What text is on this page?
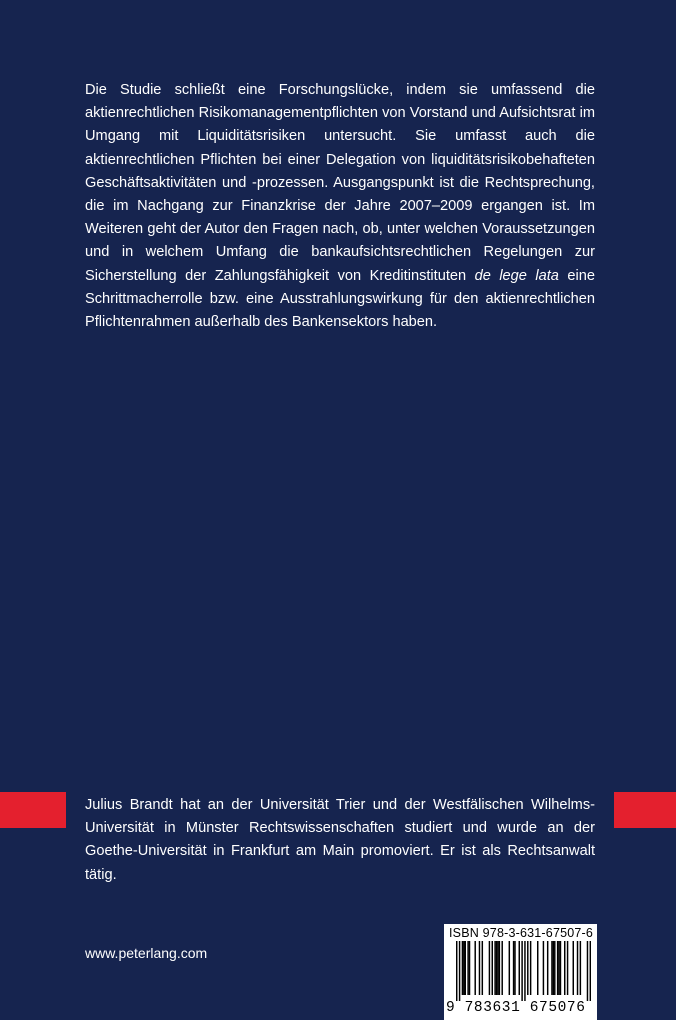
Die Studie schließt eine Forschungslücke, indem sie umfassend die aktienrechtlichen Risikomanagementpflichten von Vorstand und Aufsichtsrat im Umgang mit Liquiditätsrisiken untersucht. Sie umfasst auch die aktienrechtlichen Pflichten bei einer Delegation von liquiditätsrisikobehafteten Geschäftsaktivitäten und -prozessen. Ausgangspunkt ist die Rechtsprechung, die im Nachgang zur Finanzkrise der Jahre 2007–2009 ergangen ist. Im Weiteren geht der Autor den Fragen nach, ob, unter welchen Voraussetzungen und in welchem Umfang die bankaufsichtsrechtlichen Regelungen zur Sicherstellung der Zahlungsfähigkeit von Kreditinstituten de lege lata eine Schrittmacherrolle bzw. eine Ausstrahlungswirkung für den aktienrechtlichen Pflichtenrahmen außerhalb des Bankensektors haben.

Julius Brandt hat an der Universität Trier und der Westfälischen Wilhelms-Universität in Münster Rechtswissenschaften studiert und wurde an der Goethe-Universität in Frankfurt am Main promoviert. Er ist als Rechtsanwalt tätig.

www.peterlang.com
ISBN 978-3-631-67507-6
9 783631 675076
